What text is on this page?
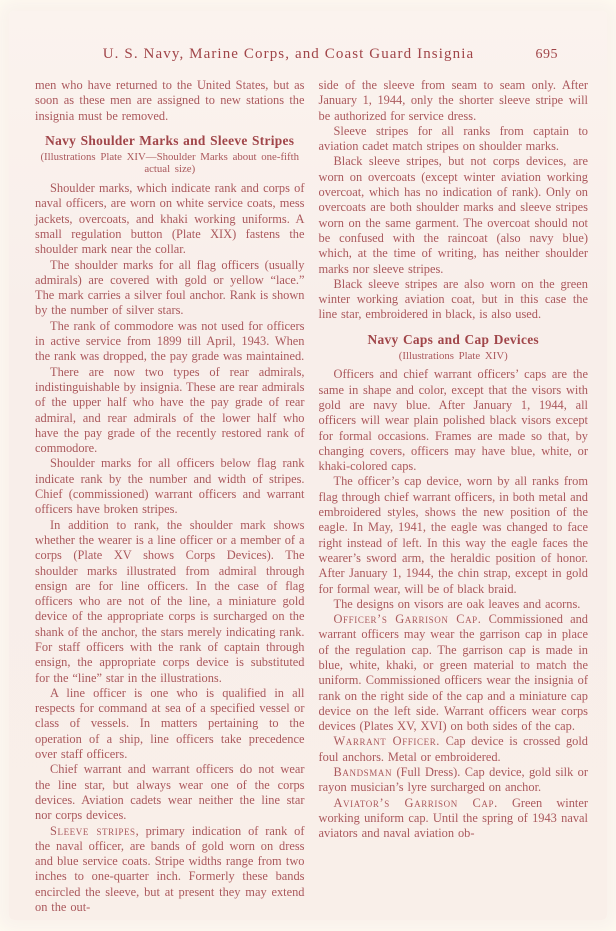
U. S. Navy, Marine Corps, and Coast Guard Insignia	695

men who have returned to the United States, but as soon as these men are assigned to new stations the insignia must be removed.

Navy Shoulder Marks and Sleeve Stripes

(Illustrations Plate XIV—Shoulder Marks about one-fifth actual size)

Shoulder marks, which indicate rank and corps of naval officers, are worn on white service coats, mess jackets, overcoats, and khaki working uniforms. A small regulation button (Plate XIX) fastens the shoulder mark near the collar.

The shoulder marks for all flag officers (usually admirals) are covered with gold or yellow “lace.” The mark carries a silver foul anchor. Rank is shown by the number of silver stars.

The rank of commodore was not used for officers in active service from 1899 till April, 1943. When the rank was dropped, the pay grade was maintained.

There are now two types of rear admirals, indistinguishable by insignia. These are rear admirals of the upper half who have the pay grade of rear admiral, and rear admirals of the lower half who have the pay grade of the recently restored rank of commodore.

Shoulder marks for all officers below flag rank indicate rank by the number and width of stripes. Chief (commissioned) warrant officers and warrant officers have broken stripes.

In addition to rank, the shoulder mark shows whether the wearer is a line officer or a member of a corps (Plate XV shows Corps Devices). The shoulder marks illustrated from admiral through ensign are for line officers. In the case of flag officers who are not of the line, a miniature gold device of the appropriate corps is surcharged on the shank of the anchor, the stars merely indicating rank. For staff officers with the rank of captain through ensign, the appropriate corps device is substituted for the “line” star in the illustrations.

A line officer is one who is qualified in all respects for command at sea of a specified vessel or class of vessels. In matters pertaining to the operation of a ship, line officers take precedence over staff officers.

Chief warrant and warrant officers do not wear the line star, but always wear one of the corps devices. Aviation cadets wear neither the line star nor corps devices.

Sleeve stripes, primary indication of rank of the naval officer, are bands of gold worn on dress and blue service coats. Stripe widths range from two inches to one-quarter inch. Formerly these bands encircled the sleeve, but at present they may extend on the out-

side of the sleeve from seam to seam only. After January 1, 1944, only the shorter sleeve stripe will be authorized for service dress.

Sleeve stripes for all ranks from captain to aviation cadet match stripes on shoulder marks.

Black sleeve stripes, but not corps devices, are worn on overcoats (except winter aviation working overcoat, which has no indication of rank). Only on overcoats are both shoulder marks and sleeve stripes worn on the same garment. The overcoat should not be confused with the raincoat (also navy blue) which, at the time of writing, has neither shoulder marks nor sleeve stripes.

Black sleeve stripes are also worn on the green winter working aviation coat, but in this case the line star, embroidered in black, is also used.

Navy Caps and Cap Devices

(Illustrations Plate XIV)

Officers and chief warrant officers’ caps are the same in shape and color, except that the visors with gold are navy blue. After January 1, 1944, all officers will wear plain polished black visors except for formal occasions. Frames are made so that, by changing covers, officers may have blue, white, or khaki-colored caps.

The officer’s cap device, worn by all ranks from flag through chief warrant officers, in both metal and embroidered styles, shows the new position of the eagle. In May, 1941, the eagle was changed to face right instead of left. In this way the eagle faces the wearer’s sword arm, the heraldic position of honor. After January 1, 1944, the chin strap, except in gold for formal wear, will be of black braid.

The designs on visors are oak leaves and acorns.

Officer’s Garrison Cap. Commissioned and warrant officers may wear the garrison cap in place of the regulation cap. The garrison cap is made in blue, white, khaki, or green material to match the uniform. Commissioned officers wear the insignia of rank on the right side of the cap and a miniature cap device on the left side. Warrant officers wear corps devices (Plates XV, XVI) on both sides of the cap.

Warrant Officer. Cap device is crossed gold foul anchors. Metal or embroidered.

Bandsman (Full Dress). Cap device, gold silk or rayon musician’s lyre surcharged on anchor.

Aviator’s Garrison Cap. Green winter working uniform cap. Until the spring of 1943 naval aviators and naval aviation ob-
